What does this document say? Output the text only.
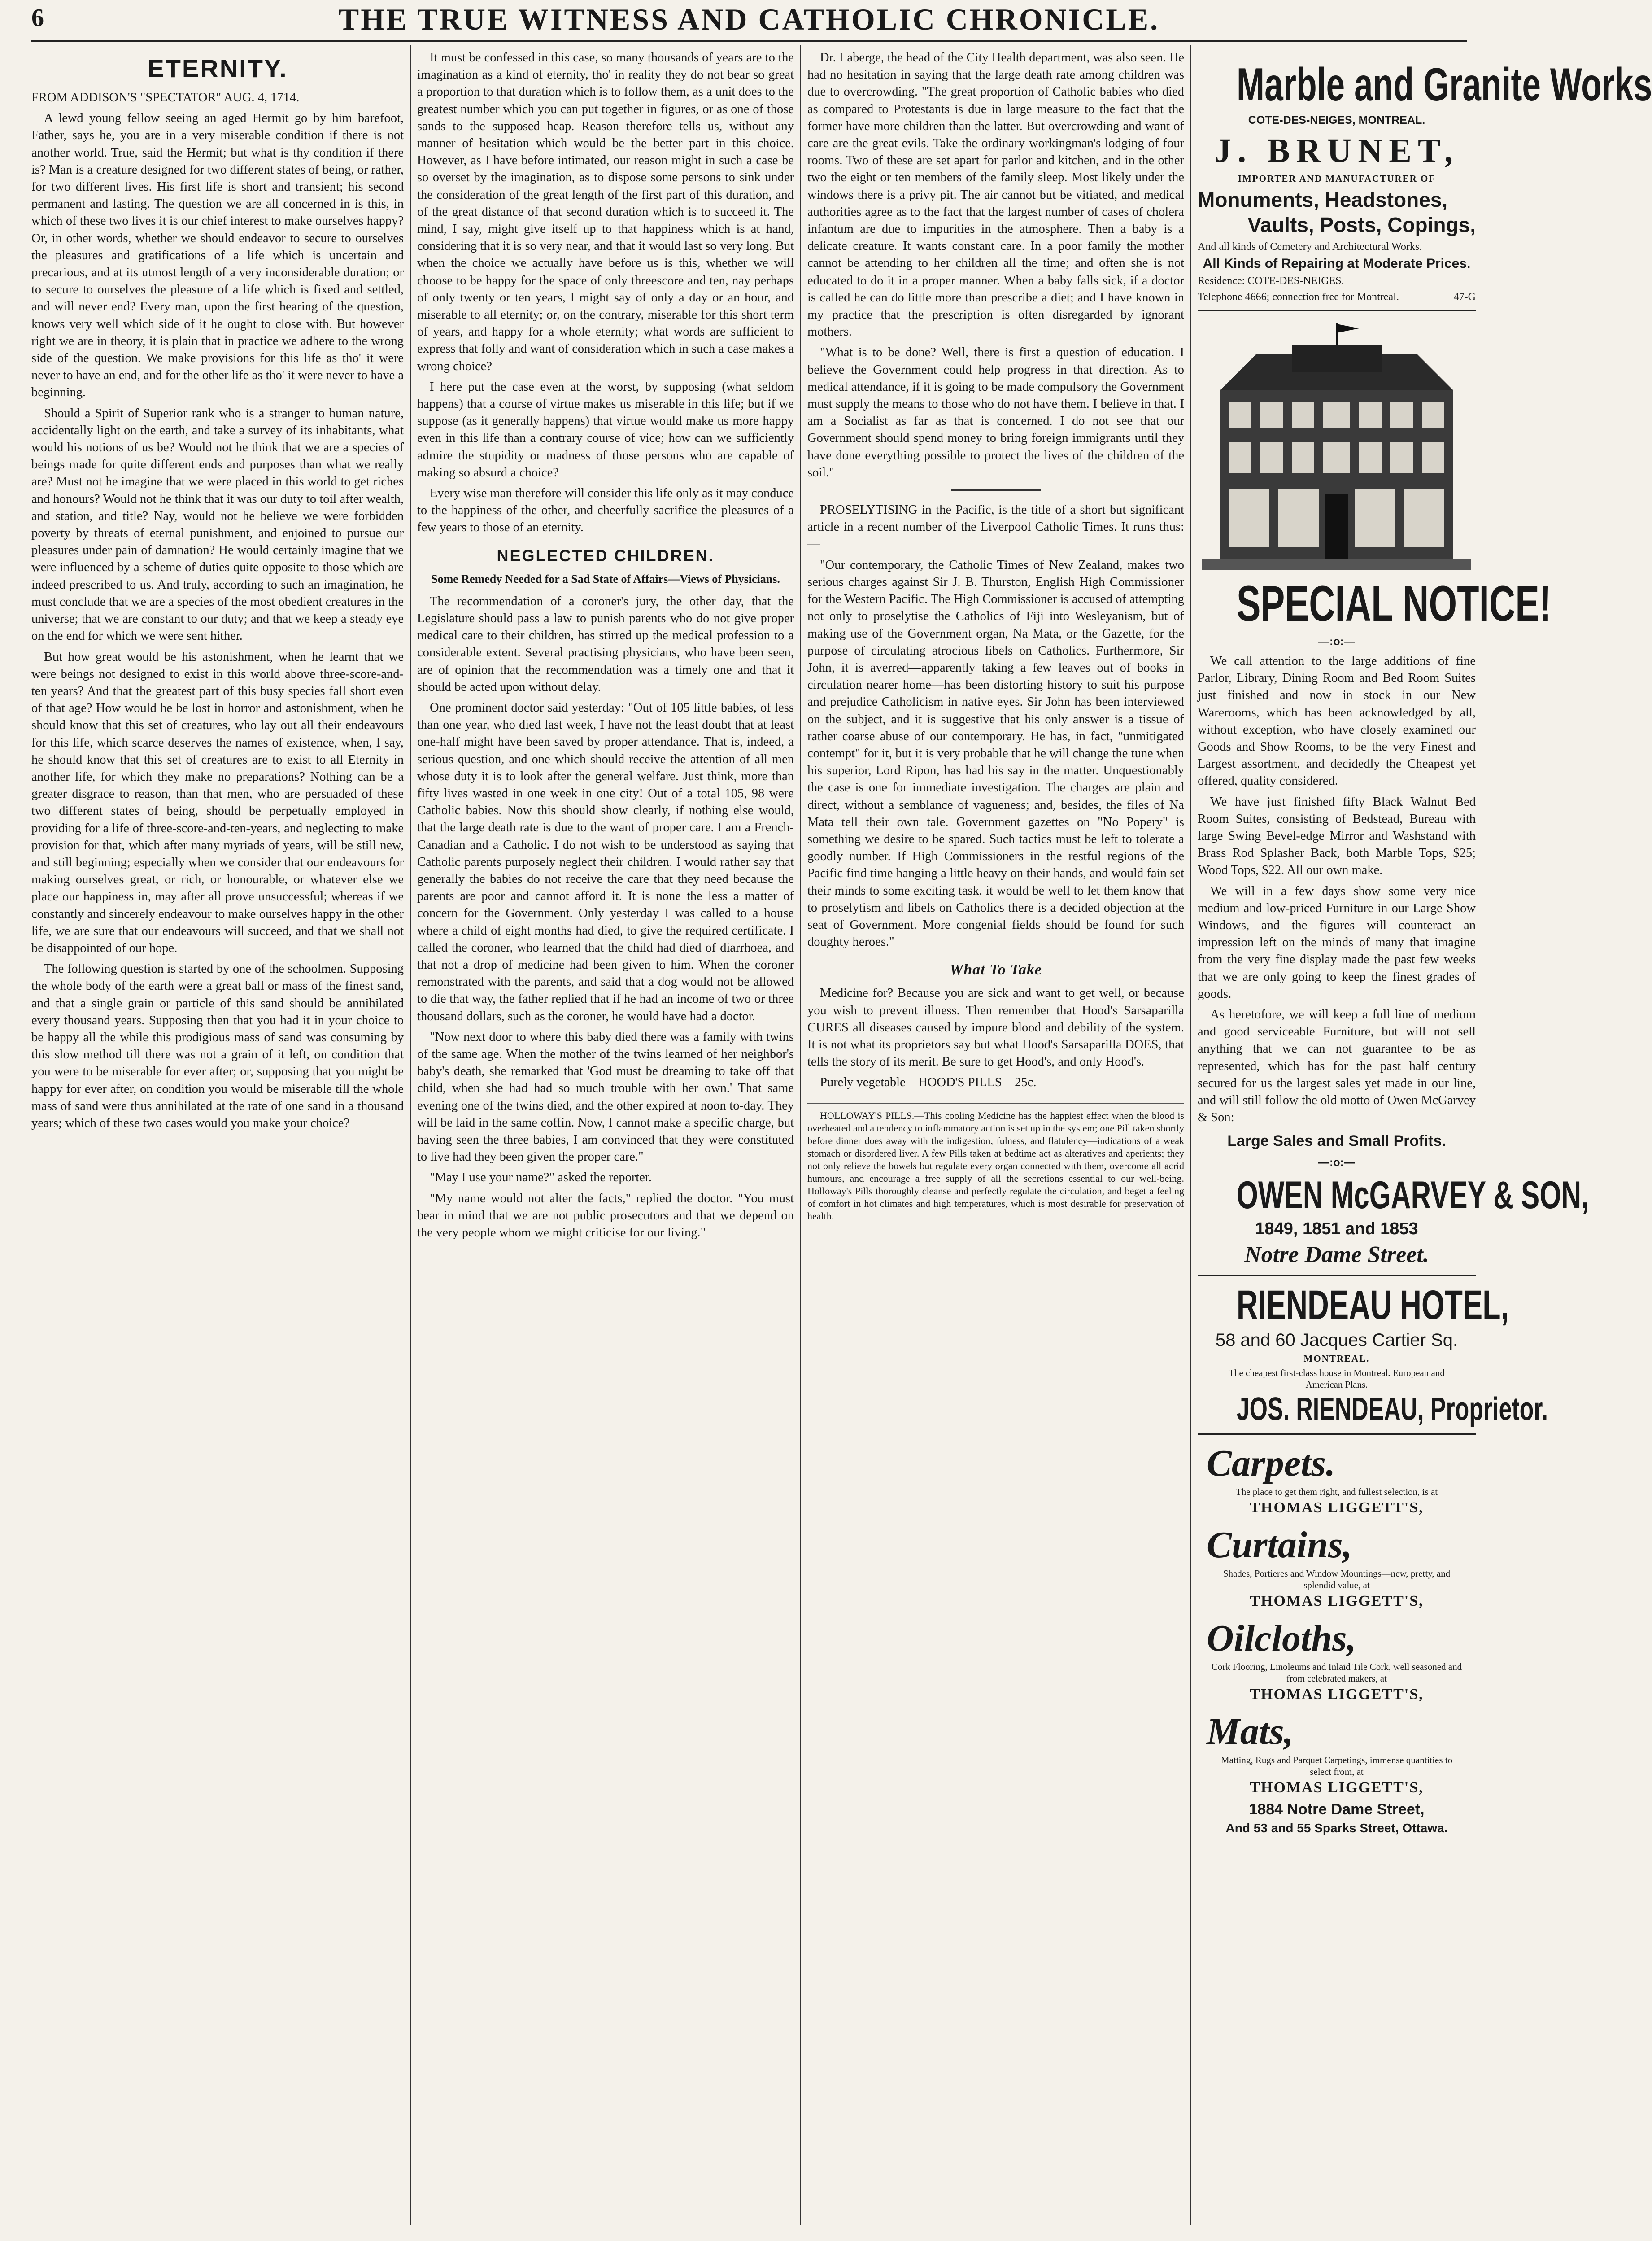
6	THE TRUE WITNESS AND CATHOLIC CHRONICLE.
ETERNITY.

FROM ADDISON'S "SPECTATOR" AUG. 4, 1714.

A lewd young fellow seeing an aged Hermit go by him barefoot, Father, says he, you are in a very miserable condition if there is not another world. True, said the Hermit; but what is thy condition if there is? Man is a creature designed for two different states of being, or rather, for two different lives. His first life is short and transient; his second permanent and lasting. The question we are all concerned in is this, in which of these two lives it is our chief interest to make ourselves happy? Or, in other words, whether we should endeavor to secure to ourselves the pleasures and gratifications of a life which is uncertain and precarious, and at its utmost length of a very inconsiderable duration; or to secure to ourselves the pleasure of a life which is fixed and settled, and will never end? Every man, upon the first hearing of the question, knows very well which side of it he ought to close with. But however right we are in theory, it is plain that in practice we adhere to the wrong side of the question. We make provisions for this life as tho' it were never to have an end, and for the other life as tho' it were never to have a beginning.

Should a Spirit of Superior rank who is a stranger to human nature, accidentally light on the earth, and take a survey of its inhabitants, what would his notions of us be? Would not he think that we are a species of beings made for quite different ends and purposes than what we really are? Must not he imagine that we were placed in this world to get riches and honours? Would not he think that it was our duty to toil after wealth, and station, and title? Nay, would not he believe we were forbidden poverty by threats of eternal punishment, and enjoined to pursue our pleasures under pain of damnation? He would certainly imagine that we were influenced by a scheme of duties quite opposite to those which are indeed prescribed to us. And truly, according to such an imagination, he must conclude that we are a species of the most obedient creatures in the universe; that we are constant to our duty; and that we keep a steady eye on the end for which we were sent hither.

But how great would be his astonishment, when he learnt that we were beings not designed to exist in this world above three-score-and-ten years? And that the greatest part of this busy species fall short even of that age? How would he be lost in horror and astonishment, when he should know that this set of creatures, who lay out all their endeavours for this life, which scarce deserves the names of existence, when, I say, he should know that this set of creatures are to exist to all Eternity in another life, for which they make no preparations? Nothing can be a greater disgrace to reason, than that men, who are persuaded of these two different states of being, should be perpetually employed in providing for a life of three-score-and-ten-years, and neglecting to make provision for that, which after many myriads of years, will be still new, and still beginning; especially when we consider that our endeavours for making ourselves great, or rich, or honourable, or whatever else we place our happiness in, may after all prove unsuccessful; whereas if we constantly and sincerely endeavour to make ourselves happy in the other life, we are sure that our endeavours will succeed, and that we shall not be disappointed of our hope.

The following question is started by one of the schoolmen. Supposing the whole body of the earth were a great ball or mass of the finest sand, and that a single grain or particle of this sand should be annihilated every thousand years. Supposing then that you had it in your choice to be happy all the while this prodigious mass of sand was consuming by this slow method till there was not a grain of it left, on condition that you were to be miserable for ever after; or, supposing that you might be happy for ever after, on condition you would be miserable till the whole mass of sand were thus annihilated at the rate of one sand in a thousand years; which of these two cases would you make your choice?

It must be confessed in this case, so many thousands of years are to the imagination as a kind of eternity, tho' in reality they do not bear so great a proportion to that duration which is to follow them, as a unit does to the greatest number which you can put together in figures, or as one of those sands to the supposed heap. Reason therefore tells us, without any manner of hesitation which would be the better part in this choice. However, as I have before intimated, our reason might in such a case be so overset by the imagination, as to dispose some persons to sink under the consideration of the great length of the first part of this duration, and of the great distance of that second duration which is to succeed it. The mind, I say, might give itself up to that happiness which is at hand, considering that it is so very near, and that it would last so very long. But when the choice we actually have before us is this, whether we will choose to be happy for the space of only threescore and ten, nay perhaps of only twenty or ten years, I might say of only a day or an hour, and miserable to all eternity; or, on the contrary, miserable for this short term of years, and happy for a whole eternity; what words are sufficient to express that folly and want of consideration which in such a case makes a wrong choice?

I here put the case even at the worst, by supposing (what seldom happens) that a course of virtue makes us miserable in this life; but if we suppose (as it generally happens) that virtue would make us more happy even in this life than a contrary course of vice; how can we sufficiently admire the stupidity or madness of those persons who are capable of making so absurd a choice?

Every wise man therefore will consider this life only as it may conduce to the happiness of the other, and cheerfully sacrifice the pleasures of a few years to those of an eternity.

NEGLECTED CHILDREN.
Some Remedy Needed for a Sad State of Affairs—Views of Physicians.

The recommendation of a coroner's jury, the other day, that the Legislature should pass a law to punish parents who do not give proper medical care to their children, has stirred up the medical profession to a considerable extent. Several practising physicians, who have been seen, are of opinion that the recommendation was a timely one and that it should be acted upon without delay.

One prominent doctor said yesterday: "Out of 105 little babies, of less than one year, who died last week, I have not the least doubt that at least one-half might have been saved by proper attendance. That is, indeed, a serious question, and one which should receive the attention of all men whose duty it is to look after the general welfare. Just think, more than fifty lives wasted in one week in one city! Out of a total 105, 98 were Catholic babies. Now this should show clearly, if nothing else would, that the large death rate is due to the want of proper care. I am a French-Canadian and a Catholic. I do not wish to be understood as saying that Catholic parents purposely neglect their children. I would rather say that generally the babies do not receive the care that they need because the parents are poor and cannot afford it. It is none the less a matter of concern for the Government. Only yesterday I was called to a house where a child of eight months had died, to give the required certificate. I called the coroner, who learned that the child had died of diarrhoea, and that not a drop of medicine had been given to him. When the coroner remonstrated with the parents, and said that a dog would not be allowed to die that way, the father replied that if he had an income of two or three thousand dollars, such as the coroner, he would have had a doctor.

"Now next door to where this baby died there was a family with twins of the same age. When the mother of the twins learned of her neighbor's baby's death, she remarked that 'God must be dreaming to take off that child, when she had had so much trouble with her own.' That same evening one of the twins died, and the other expired at noon to-day. They will be laid in the same coffin. Now, I cannot make a specific charge, but having seen the three babies, I am convinced that they were constituted to live had they been given the proper care."

"May I use your name?" asked the reporter.

"My name would not alter the facts," replied the doctor. "You must bear in mind that we are not public prosecutors and that we depend on the very people whom we might criticise for our living."

Dr. Laberge, the head of the City Health department, was also seen. He had no hesitation in saying that the large death rate among children was due to overcrowding. "The great proportion of Catholic babies who died as compared to Protestants is due in large measure to the fact that the former have more children than the latter. But overcrowding and want of care are the great evils. Take the ordinary workingman's lodging of four rooms. Two of these are set apart for parlor and kitchen, and in the other two the eight or ten members of the family sleep. Most likely under the windows there is a privy pit. The air cannot but be vitiated, and medical authorities agree as to the fact that the largest number of cases of cholera infantum are due to impurities in the atmosphere. Then a baby is a delicate creature. It wants constant care. In a poor family the mother cannot be attending to her children all the time; and often she is not educated to do it in a proper manner. When a baby falls sick, if a doctor is called he can do little more than prescribe a diet; and I have known in my practice that the prescription is often disregarded by ignorant mothers.

"What is to be done? Well, there is first a question of education. I believe the Government could help progress in that direction. As to medical attendance, if it is going to be made compulsory the Government must supply the means to those who do not have them. I believe in that. I am a Socialist as far as that is concerned. I do not see that our Government should spend money to bring foreign immigrants until they have done everything possible to protect the lives of the children of the soil."

PROSELYTISING in the Pacific, is the title of a short but significant article in a recent number of the Liverpool Catholic Times. It runs thus:—

"Our contemporary, the Catholic Times of New Zealand, makes two serious charges against Sir J. B. Thurston, English High Commissioner for the Western Pacific. The High Commissioner is accused of attempting not only to proselytise the Catholics of Fiji into Wesleyanism, but of making use of the Government organ, Na Mata, or the Gazette, for the purpose of circulating atrocious libels on Catholics. Furthermore, Sir John, it is averred—apparently taking a few leaves out of books in circulation nearer home—has been distorting history to suit his purpose and prejudice Catholicism in native eyes. Sir John has been interviewed on the subject, and it is suggestive that his only answer is a tissue of rather coarse abuse of our contemporary. He has, in fact, "unmitigated contempt" for it, but it is very probable that he will change the tune when his superior, Lord Ripon, has had his say in the matter. Unquestionably the case is one for immediate investigation. The charges are plain and direct, without a semblance of vagueness; and, besides, the files of Na Mata tell their own tale. Government gazettes on "No Popery" is something we desire to be spared. Such tactics must be left to tolerate a goodly number. If High Commissioners in the restful regions of the Pacific find time hanging a little heavy on their hands, and would fain set their minds to some exciting task, it would be well to let them know that to proselytism and libels on Catholics there is a decided objection at the seat of Government. More congenial fields should be found for such doughty heroes."

What To Take

Medicine for? Because you are sick and want to get well, or because you wish to prevent illness. Then remember that Hood's Sarsaparilla CURES all diseases caused by impure blood and debility of the system. It is not what its proprietors say but what Hood's Sarsaparilla DOES, that tells the story of its merit. Be sure to get Hood's, and only Hood's.

Purely vegetable—HOOD'S PILLS—25c.

HOLLOWAY'S PILLS.—This cooling Medicine has the happiest effect when the blood is overheated and a tendency to inflammatory action is set up in the system; one Pill taken shortly before dinner does away with the indigestion, fulness, and flatulency—indications of a weak stomach or disordered liver. A few Pills taken at bedtime act as alteratives and aperients; they not only relieve the bowels but regulate every organ connected with them, overcome all acrid humours, and encourage a free supply of all the secretions essential to our well-being. Holloway's Pills thoroughly cleanse and perfectly regulate the circulation, and beget a feeling of comfort in hot climates and high temperatures, which is most desirable for preservation of health.

Marble and Granite Works
COTE-DES-NEIGES, MONTREAL.
J. BRUNET,
IMPORTER AND MANUFACTURER OF
Monuments, Headstones,
Vaults, Posts, Copings,
And all kinds of Cemetery and Architectural Works.
All Kinds of Repairing at Moderate Prices.
Residence: COTE-DES-NEIGES.
Telephone 4666; connection free for Montreal.	47-G
SPECIAL NOTICE!
—:o:—

We call attention to the large additions of fine Parlor, Library, Dining Room and Bed Room Suites just finished and now in stock in our New Warerooms, which has been acknowledged by all, without exception, who have closely examined our Goods and Show Rooms, to be the very Finest and Largest assortment, and decidedly the Cheapest yet offered, quality considered.

We have just finished fifty Black Walnut Bed Room Suites, consisting of Bedstead, Bureau with large Swing Bevel-edge Mirror and Washstand with Brass Rod Splasher Back, both Marble Tops, $25; Wood Tops, $22. All our own make.

We will in a few days show some very nice medium and low-priced Furniture in our Large Show Windows, and the figures will counteract an impression left on the minds of many that imagine from the very fine display made the past few weeks that we are only going to keep the finest grades of goods.

As heretofore, we will keep a full line of medium and good serviceable Furniture, but will not sell anything that we can not guarantee to be as represented, which has for the past half century secured for us the largest sales yet made in our line, and will still follow the old motto of Owen McGarvey & Son:

Large Sales and Small Profits.
—:o:—
OWEN McGARVEY & SON,
1849, 1851 and 1853
Notre Dame Street.
RIENDEAU HOTEL,
58 and 60 Jacques Cartier Sq.
MONTREAL.
The cheapest first-class house in Montreal. European and American Plans.
JOS. RIENDEAU, Proprietor.
Carpets.
The place to get them right, and fullest selection, is at
THOMAS LIGGETT'S,
Curtains,
Shades, Portieres and Window Mountings—new, pretty, and splendid value, at
THOMAS LIGGETT'S,
Oilcloths,
Cork Flooring, Linoleums and Inlaid Tile Cork, well seasoned and from celebrated makers, at
THOMAS LIGGETT'S,
Mats,
Matting, Rugs and Parquet Carpetings, immense quantities to select from, at
THOMAS LIGGETT'S,
1884 Notre Dame Street,
And 53 and 55 Sparks Street, Ottawa.
